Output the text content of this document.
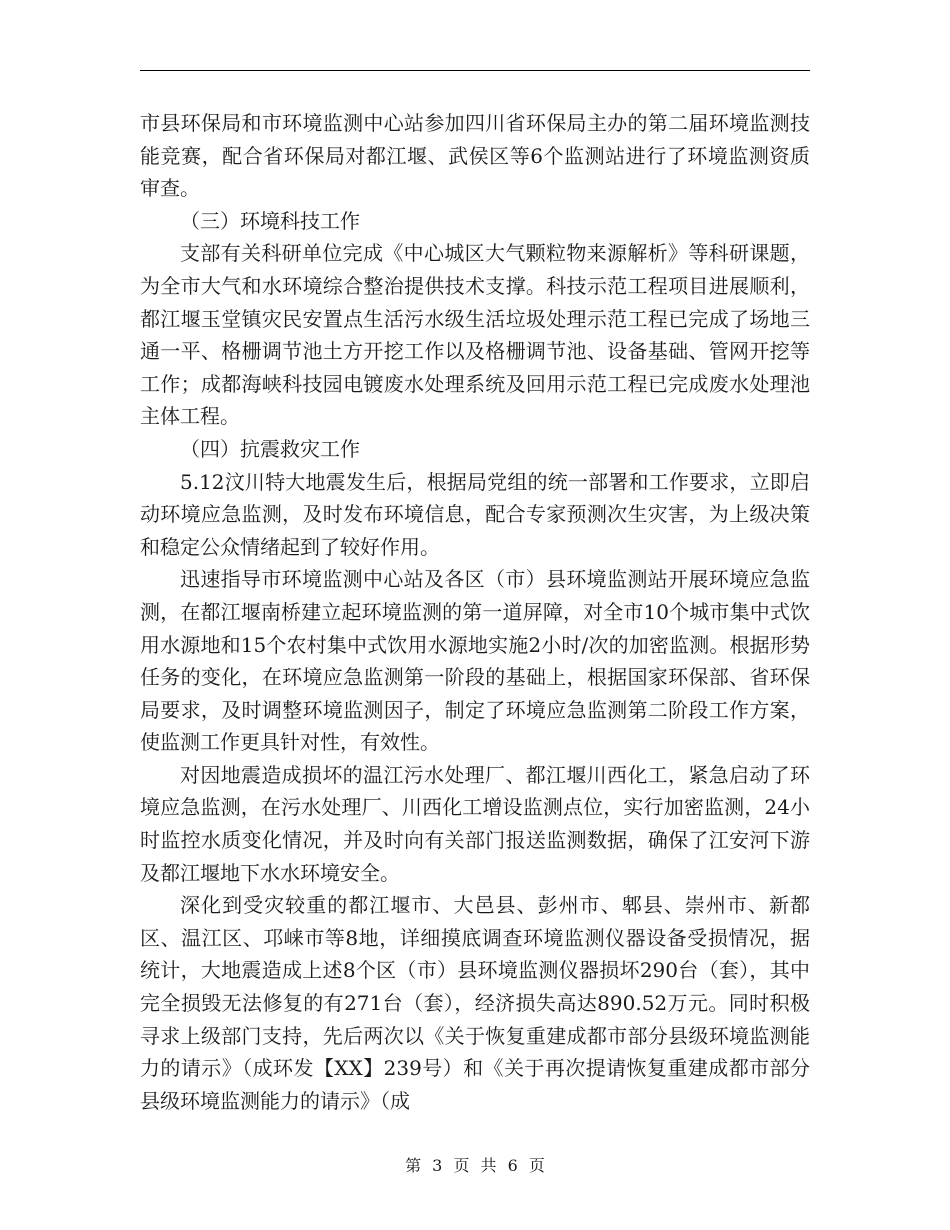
市县环保局和市环境监测中心站参加四川省环保局主办的第二届环境监测技能竞赛，配合省环保局对都江堰、武侯区等6个监测站进行了环境监测资质审查。

（三）环境科技工作

支部有关科研单位完成《中心城区大气颗粒物来源解析》等科研课题，为全市大气和水环境综合整治提供技术支撑。科技示范工程项目进展顺利，都江堰玉堂镇灾民安置点生活污水级生活垃圾处理示范工程已完成了场地三通一平、格栅调节池土方开挖工作以及格栅调节池、设备基础、管网开挖等工作；成都海峡科技园电镀废水处理系统及回用示范工程已完成废水处理池主体工程。

（四）抗震救灾工作

5.12汶川特大地震发生后，根据局党组的统一部署和工作要求，立即启动环境应急监测，及时发布环境信息，配合专家预测次生灾害，为上级决策和稳定公众情绪起到了较好作用。

迅速指导市环境监测中心站及各区（市）县环境监测站开展环境应急监测，在都江堰南桥建立起环境监测的第一道屏障，对全市10个城市集中式饮用水源地和15个农村集中式饮用水源地实施2小时/次的加密监测。根据形势任务的变化，在环境应急监测第一阶段的基础上，根据国家环保部、省环保局要求，及时调整环境监测因子，制定了环境应急监测第二阶段工作方案，使监测工作更具针对性，有效性。

对因地震造成损坏的温江污水处理厂、都江堰川西化工，紧急启动了环境应急监测，在污水处理厂、川西化工增设监测点位，实行加密监测，24小时监控水质变化情况，并及时向有关部门报送监测数据，确保了江安河下游及都江堰地下水水环境安全。

深化到受灾较重的都江堰市、大邑县、彭州市、郫县、崇州市、新都区、温江区、邛崃市等8地，详细摸底调查环境监测仪器设备受损情况，据统计，大地震造成上述8个区（市）县环境监测仪器损坏290台（套），其中完全损毁无法修复的有271台（套），经济损失高达890.52万元。同时积极寻求上级部门支持，先后两次以《关于恢复重建成都市部分县级环境监测能力的请示》（成环发【XX】239号）和《关于再次提请恢复重建成都市部分县级环境监测能力的请示》（成

第 3 页 共 6 页
